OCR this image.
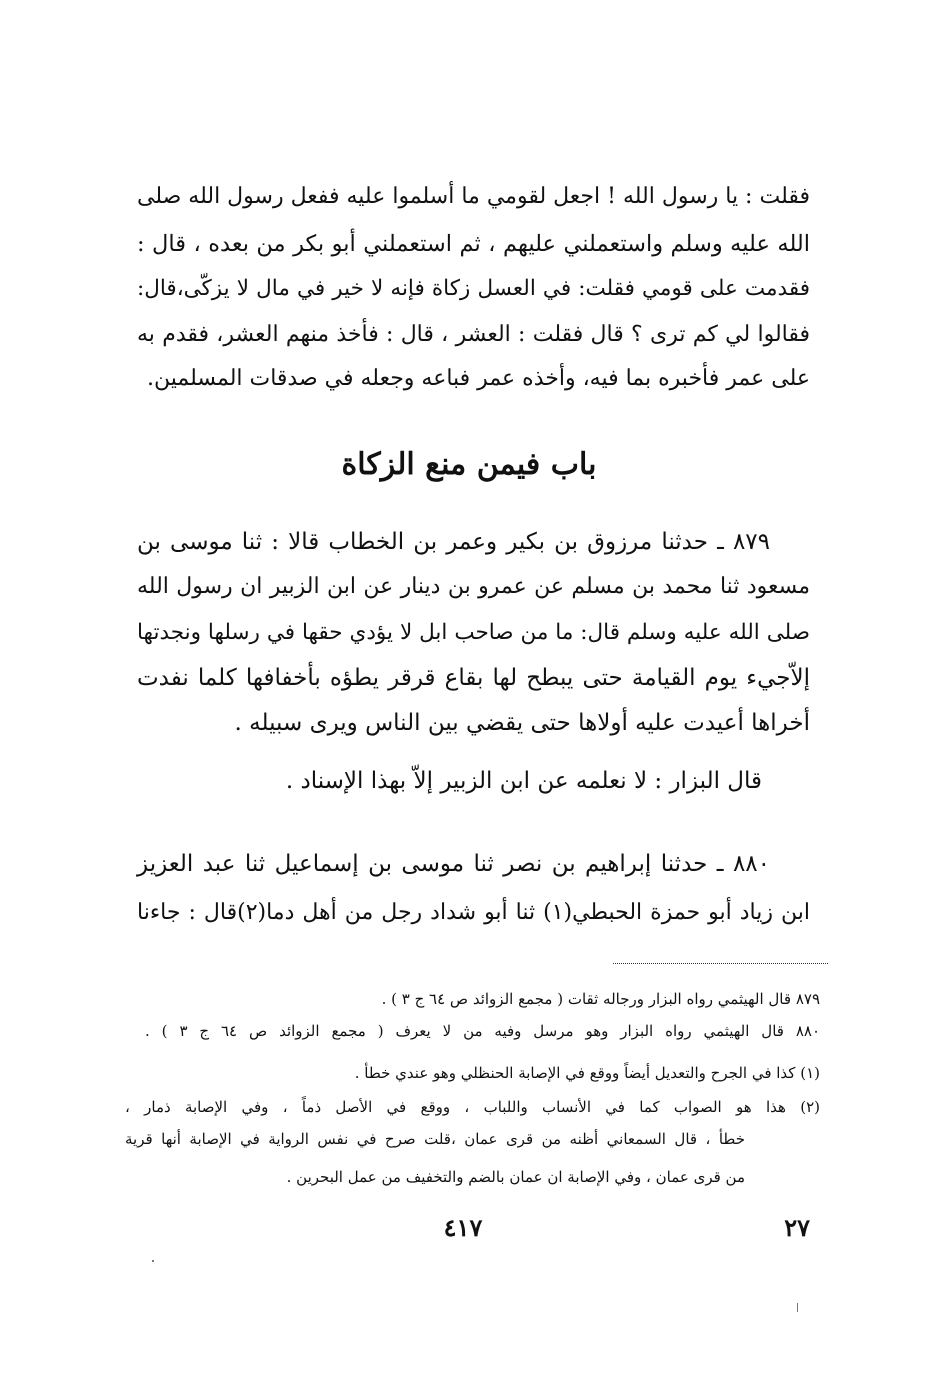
فقلت : يا رسول الله ! اجعل لقومي ما أسلموا عليه ففعل رسول الله صلى
الله عليه وسلم واستعملني عليهم ، ثم استعملني أبو بكر من بعده ، قال :
فقدمت على قومي فقلت: في العسل زكاة فإنه لا خير في مال لا يزكّى،قال:
فقالوا لي كم ترى ؟ قال فقلت : العشر ، قال : فأخذ منهم العشر، فقدم به
على عمر فأخبره بما فيه، وأخذه عمر فباعه وجعله في صدقات المسلمين.
باب فيمن منع الزكاة
٨٧٩ ـ حدثنا مرزوق بن بكير وعمر بن الخطاب قالا : ثنا موسى بن
مسعود ثنا محمد بن مسلم عن عمرو بن دينار عن ابن الزبير ان رسول الله
صلى الله عليه وسلم قال: ما من صاحب ابل لا يؤدي حقها في رسلها ونجدتها
إلاّجيء يوم القيامة حتى يبطح لها بقاع قرقر يطؤه بأخفافها كلما نفدت
أخراها أعيدت عليه أولاها حتى يقضي بين الناس ويرى سبيله .
قال البزار : لا نعلمه عن ابن الزبير إلاّ بهذا الإسناد .
٨٨٠ ـ حدثنا إبراهيم بن نصر ثنا موسى بن إسماعيل ثنا عبد العزيز
ابن زياد أبو حمزة الحبطي(١) ثنا أبو شداد رجل من أهل دما(٢)قال : جاءنا
٨٧٩ قال الهيثمي رواه البزار ورجاله ثقات ( مجمع الزوائد ص ٦٤ ج ٣ ) .
٨٨٠ قال الهيثمي رواه البزار وهو مرسل وفيه من لا يعرف ( مجمع الزوائد ص ٦٤ ج ٣ ) .
(١) كذا في الجرح والتعديل أيضاً ووقع في الإصابة الحنظلي وهو عندي خطأ .
(٢) هذا هو الصواب كما في الأنساب واللباب ، ووقع في الأصل ذماً ، وفي الإصابة ذمار ،
خطأ ، قال السمعاني أظنه من قرى عمان ،قلت صرح في نفس الرواية في الإصابة أنها قرية
من قرى عمان ، وفي الإصابة ان عمان بالضم والتخفيف من عمل البحرين .
٤١٧	٢٧
